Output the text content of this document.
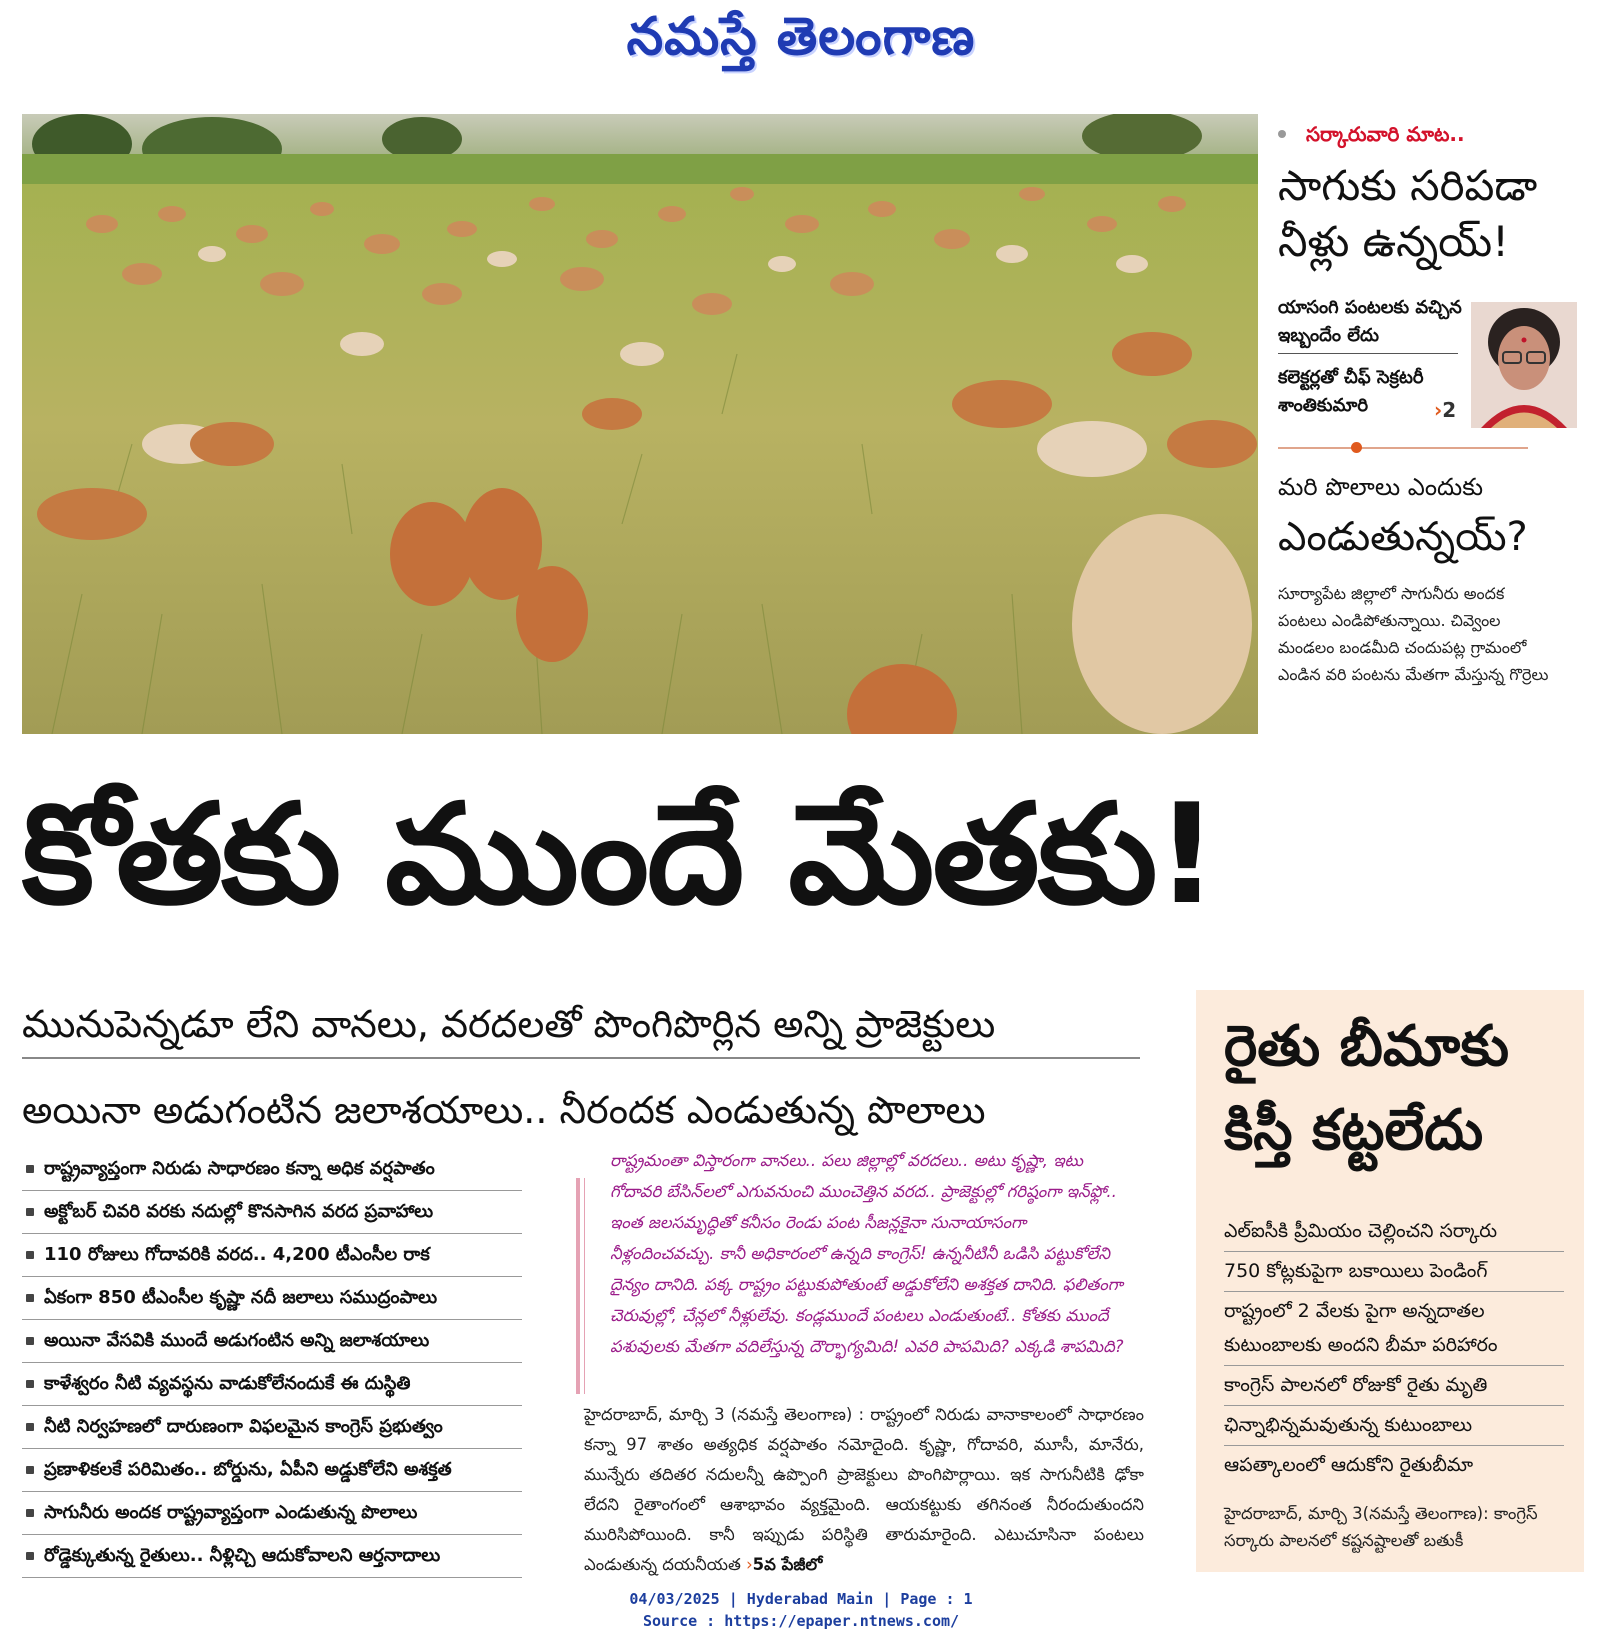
నమస్తే తెలంగాణ
సర్కారువారి మాట..
సాగుకు సరిపడా నీళ్లు ఉన్నయ్!
యాసంగి పంటలకు వచ్చిన ఇబ్బందేం లేదు
కలెక్టర్లతో చీఫ్ సెక్రటరీ శాంతికుమారి	›2
మరి పొలాలు ఎందుకు
ఎండుతున్నయ్?
సూర్యాపేట జిల్లాలో సాగునీరు అందక పంటలు ఎండిపోతున్నాయి. చివ్వెంల మండలం బండమీది చందుపట్ల గ్రామంలో ఎండిన వరి పంటను మేతగా మేస్తున్న గొర్రెలు
కోతకు ముందే మేతకు!
మునుపెన్నడూ లేని వానలు, వరదలతో పొంగిపొర్లిన అన్ని ప్రాజెక్టులు
అయినా అడుగంటిన జలాశయాలు.. నీరందక ఎండుతున్న పొలాలు
రాష్ట్రవ్యాప్తంగా నిరుడు సాధారణం కన్నా అధిక వర్షపాతం
అక్టోబర్ చివరి వరకు నదుల్లో కొనసాగిన వరద ప్రవాహాలు
110 రోజులు గోదావరికి వరద.. 4,200 టీఎంసీల రాక
ఏకంగా 850 టీఎంసీల కృష్ణా నదీ జలాలు సముద్రంపాలు
అయినా వేసవికి ముందే అడుగంటిన అన్ని జలాశయాలు
కాళేశ్వరం నీటి వ్యవస్థను వాడుకోలేనందుకే ఈ దుస్థితి
నీటి నిర్వహణలో దారుణంగా విఫలమైన కాంగ్రెస్ ప్రభుత్వం
ప్రణాళికలకే పరిమితం.. బోర్డును, ఏపీని అడ్డుకోలేని అశక్తత
సాగునీరు అందక రాష్ట్రవ్యాప్తంగా ఎండుతున్న పొలాలు
రోడ్డెక్కుతున్న రైతులు.. నీళ్లిచ్చి ఆదుకోవాలని ఆర్తనాదాలు
రాష్ట్రమంతా విస్తారంగా వానలు.. పలు జిల్లాల్లో వరదలు.. అటు కృష్ణా, ఇటు గోదావరి బేసిన్‌లలో ఎగువనుంచి ముంచెత్తిన వరద.. ప్రాజెక్టుల్లో గరిష్ఠంగా ఇన్‌ఫ్లో.. ఇంత జలసమృద్ధితో కనీసం రెండు పంట సీజన్లకైనా సునాయాసంగా నీళ్లందించవచ్చు. కానీ అధికారంలో ఉన్నది కాంగ్రెస్! ఉన్ననీటినీ ఒడిసి పట్టుకోలేని దైన్యం దానిది. పక్క రాష్ట్రం పట్టుకుపోతుంటే అడ్డుకోలేని అశక్తత దానిది. ఫలితంగా చెరువుల్లో, చేన్లలో నీళ్లులేవు. కండ్లముందే పంటలు ఎండుతుంటే.. కోతకు ముందే పశువులకు మేతగా వదిలేస్తున్న దౌర్భాగ్యమిది! ఎవరి పాపమిది? ఎక్కడి శాపమిది?
హైదరాబాద్, మార్చి 3 (నమస్తే తెలంగాణ) : రాష్ట్రంలో నిరుడు వానాకాలంలో సాధారణం కన్నా 97 శాతం అత్యధిక వర్షపాతం నమోదైంది. కృష్ణా, గోదావరి, మూసీ, మానేరు, మున్నేరు తదితర నదులన్నీ ఉప్పొంగి ప్రాజెక్టులు పొంగిపొర్లాయి. ఇక సాగునీటికి ఢోకా లేదని రైతాంగంలో ఆశాభావం వ్యక్తమైంది. ఆయకట్టుకు తగినంత నీరందుతుందని మురిసిపోయింది. కానీ ఇప్పుడు పరిస్థితి తారుమారైంది. ఎటుచూసినా పంటలు ఎండుతున్న దయనీయత ›5వ పేజీలో
రైతు బీమాకు
కిస్తీ కట్టలేదు
ఎల్‌ఐసీకి ప్రీమియం చెల్లించని సర్కారు
750 కోట్లకుపైగా బకాయిలు పెండింగ్
రాష్ట్రంలో 2 వేలకు పైగా అన్నదాతల కుటుంబాలకు అందని బీమా పరిహారం
కాంగ్రెస్ పాలనలో రోజుకో రైతు మృతి
ఛిన్నాభిన్నమవుతున్న కుటుంబాలు
ఆపత్కాలంలో ఆదుకోని రైతుబీమా
హైదరాబాద్, మార్చి 3(నమస్తే తెలంగాణ): కాంగ్రెస్ సర్కారు పాలనలో కష్టనష్టాలతో బతుకీ
04/03/2025 | Hyderabad Main | Page : 1
Source : https://epaper.ntnews.com/
